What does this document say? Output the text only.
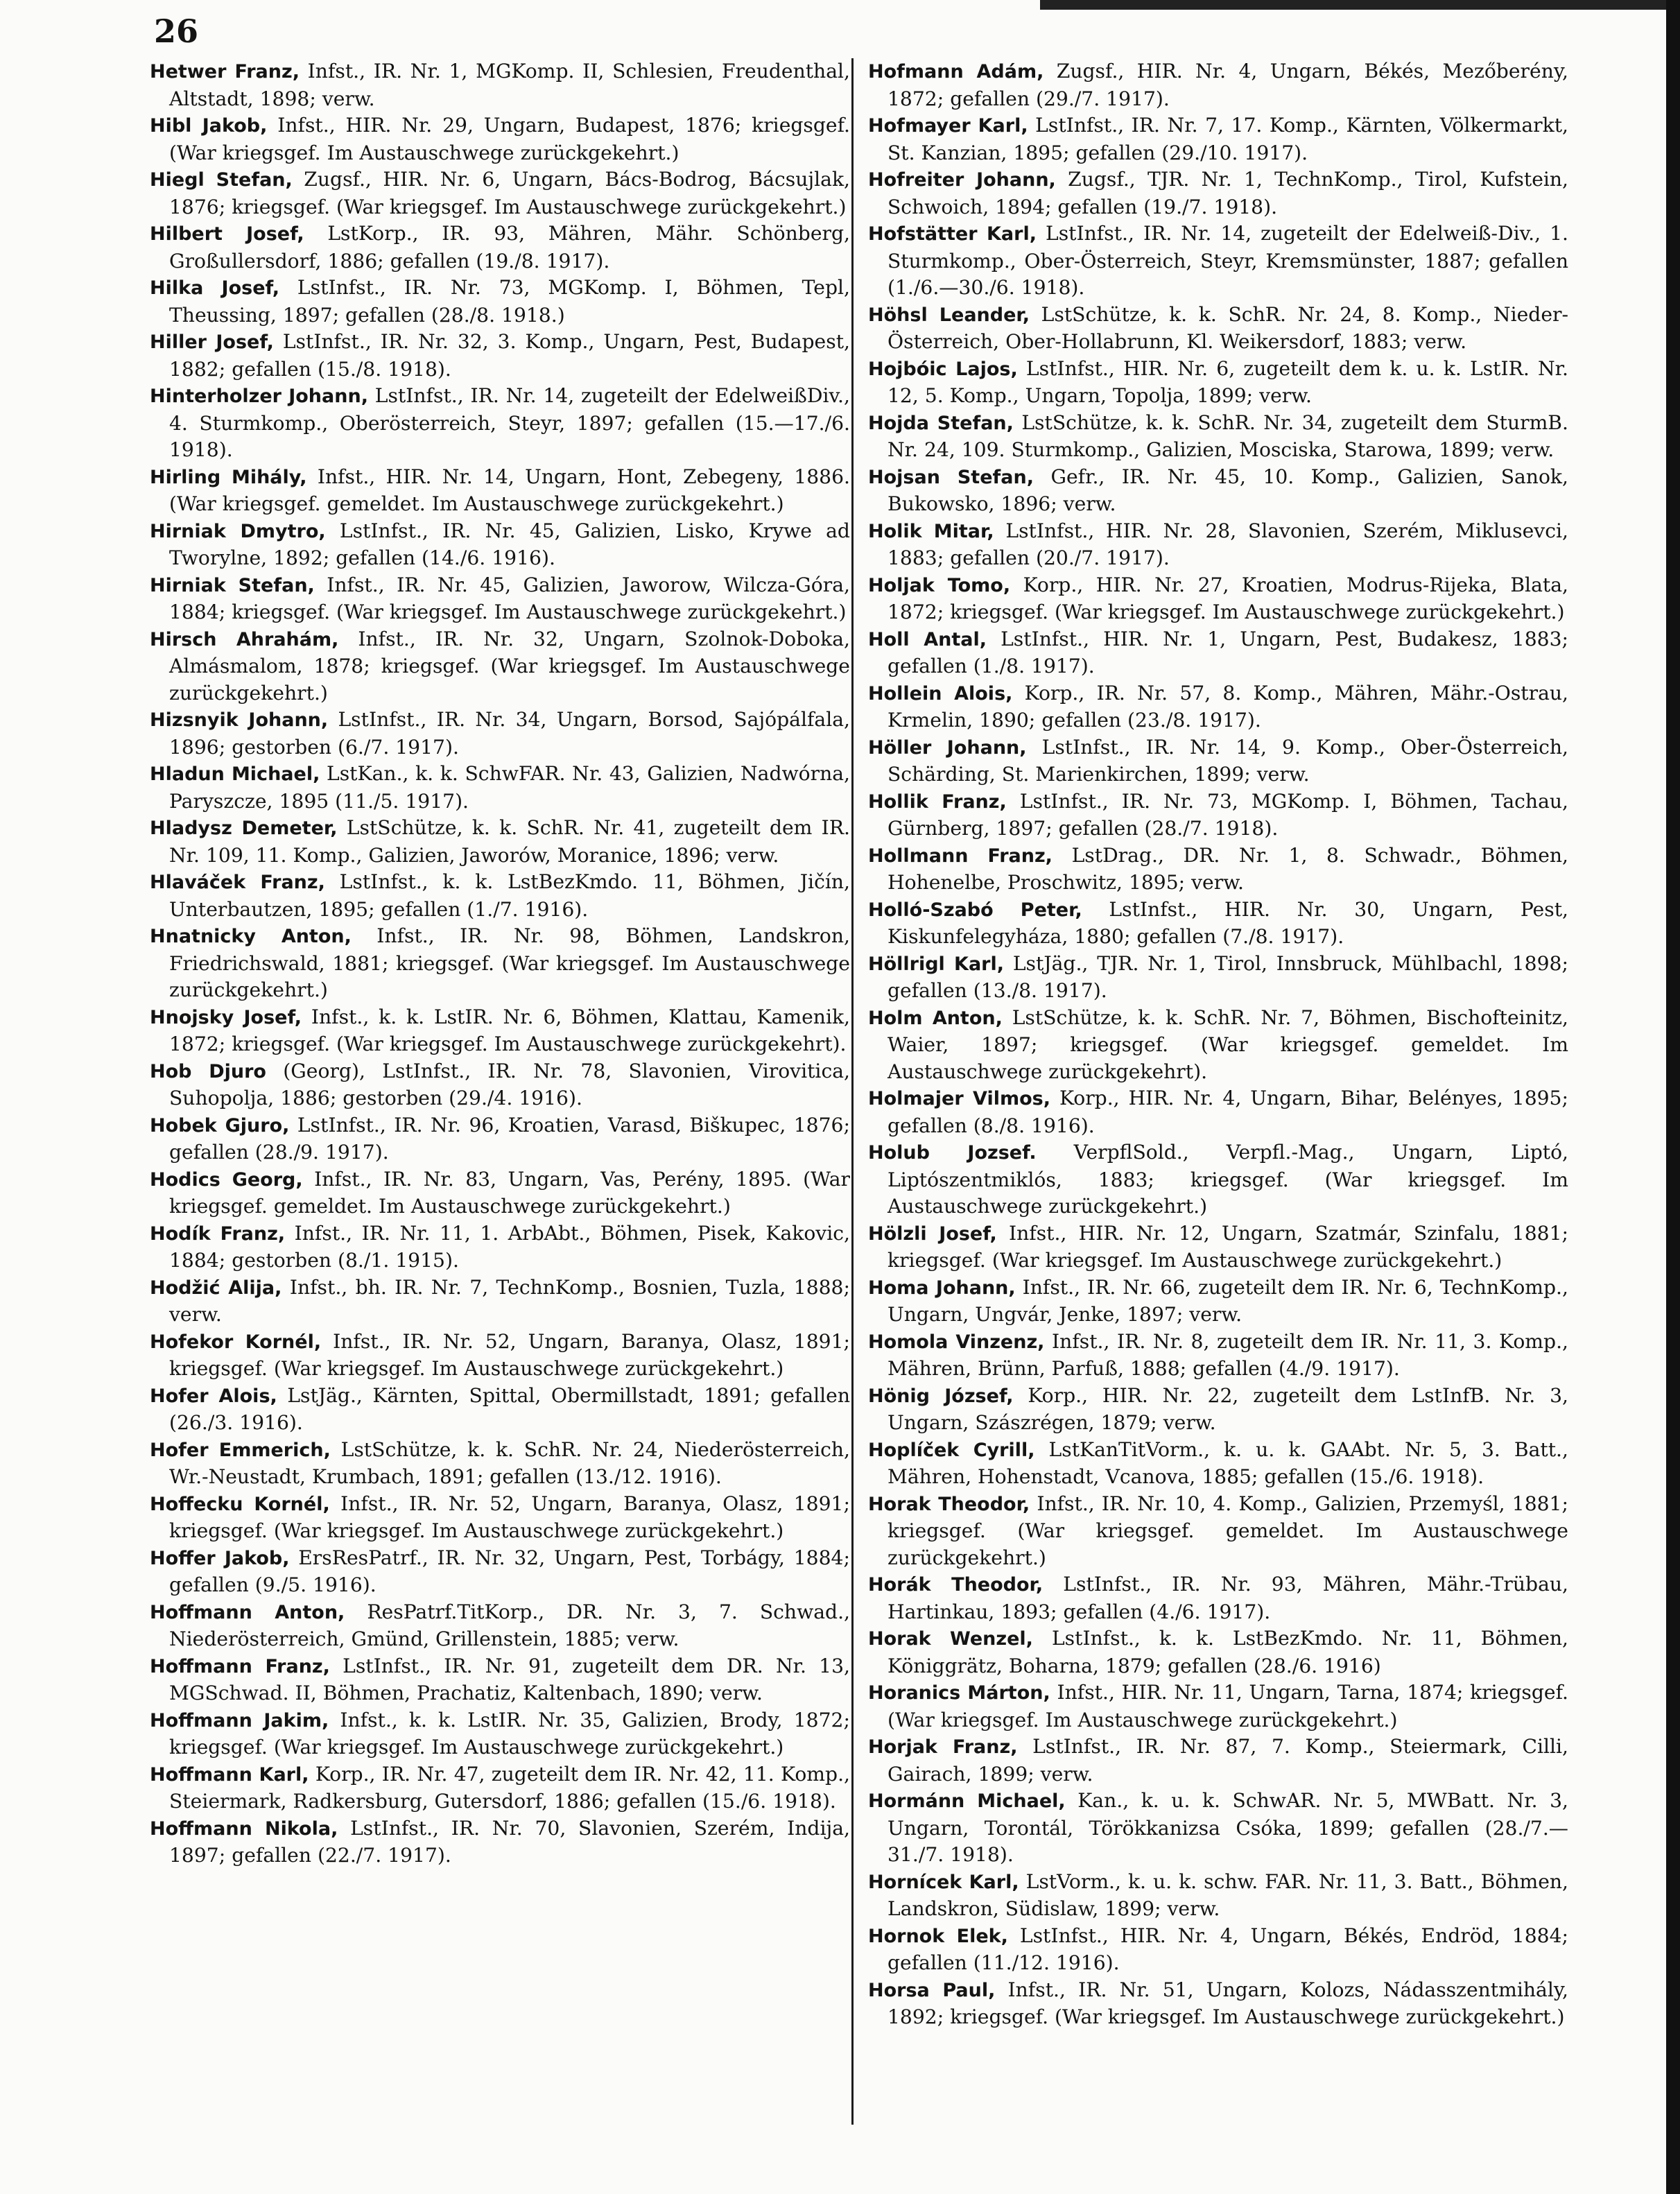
26

Hetwer Franz, Infst., IR. Nr. 1, MGKomp. II, Schlesien, Freudenthal, Altstadt, 1898; verw.

Hibl Jakob, Infst., HIR. Nr. 29, Ungarn, Budapest, 1876; kriegsgef. (War kriegsgef. Im Austauschwege zurückgekehrt.)

Hiegl Stefan, Zugsf., HIR. Nr. 6, Ungarn, Bács-Bodrog, Bácsujlak, 1876; kriegsgef. (War kriegsgef. Im Austauschwege zurückgekehrt.)

Hilbert Josef, LstKorp., IR. 93, Mähren, Mähr. Schönberg, Großullersdorf, 1886; gefallen (19./8. 1917).

Hilka Josef, LstInfst., IR. Nr. 73, MGKomp. I, Böhmen, Tepl, Theussing, 1897; gefallen (28./8. 1918.)

Hiller Josef, LstInfst., IR. Nr. 32, 3. Komp., Ungarn, Pest, Budapest, 1882; gefallen (15./8. 1918).

Hinterholzer Johann, LstInfst., IR. Nr. 14, zugeteilt der EdelweißDiv., 4. Sturmkomp., Oberösterreich, Steyr, 1897; gefallen (15.—17./6. 1918).

Hirling Mihály, Infst., HIR. Nr. 14, Ungarn, Hont, Zebegeny, 1886. (War kriegsgef. gemeldet. Im Austauschwege zurückgekehrt.)

Hirniak Dmytro, LstInfst., IR. Nr. 45, Galizien, Lisko, Krywe ad Tworylne, 1892; gefallen (14./6. 1916).

Hirniak Stefan, Infst., IR. Nr. 45, Galizien, Jaworow, Wilcza-Góra, 1884; kriegsgef. (War kriegsgef. Im Austauschwege zurückgekehrt.)

Hirsch Ahrahám, Infst., IR. Nr. 32, Ungarn, Szolnok-Doboka, Almásmalom, 1878; kriegsgef. (War kriegsgef. Im Austauschwege zurückgekehrt.)

Hizsnyik Johann, LstInfst., IR. Nr. 34, Ungarn, Borsod, Sajópálfala, 1896; gestorben (6./7. 1917).

Hladun Michael, LstKan., k. k. SchwFAR. Nr. 43, Galizien, Nadwórna, Paryszcze, 1895 (11./5. 1917).

Hladysz Demeter, LstSchütze, k. k. SchR. Nr. 41, zugeteilt dem IR. Nr. 109, 11. Komp., Galizien, Jaworów, Moranice, 1896; verw.

Hlaváček Franz, LstInfst., k. k. LstBezKmdo. 11, Böhmen, Jičín, Unterbautzen, 1895; gefallen (1./7. 1916).

Hnatnicky Anton, Infst., IR. Nr. 98, Böhmen, Landskron, Friedrichswald, 1881; kriegsgef. (War kriegsgef. Im Austauschwege zurückgekehrt.)

Hnojsky Josef, Infst., k. k. LstIR. Nr. 6, Böhmen, Klattau, Kamenik, 1872; kriegsgef. (War kriegsgef. Im Austauschwege zurückgekehrt).

Hob Djuro (Georg), LstInfst., IR. Nr. 78, Slavonien, Virovitica, Suhopolja, 1886; gestorben (29./4. 1916).

Hobek Gjuro, LstInfst., IR. Nr. 96, Kroatien, Varasd, Biškupec, 1876; gefallen (28./9. 1917).

Hodics Georg, Infst., IR. Nr. 83, Ungarn, Vas, Perény, 1895. (War kriegsgef. gemeldet. Im Austauschwege zurückgekehrt.)

Hodík Franz, Infst., IR. Nr. 11, 1. ArbAbt., Böhmen, Pisek, Kakovic, 1884; gestorben (8./1. 1915).

Hodžić Alija, Infst., bh. IR. Nr. 7, TechnKomp., Bosnien, Tuzla, 1888; verw.

Hofekor Kornél, Infst., IR. Nr. 52, Ungarn, Baranya, Olasz, 1891; kriegsgef. (War kriegsgef. Im Austauschwege zurückgekehrt.)

Hofer Alois, LstJäg., Kärnten, Spittal, Obermillstadt, 1891; gefallen (26./3. 1916).

Hofer Emmerich, LstSchütze, k. k. SchR. Nr. 24, Niederösterreich, Wr.-Neustadt, Krumbach, 1891; gefallen (13./12. 1916).

Hoffecku Kornél, Infst., IR. Nr. 52, Ungarn, Baranya, Olasz, 1891; kriegsgef. (War kriegsgef. Im Austauschwege zurückgekehrt.)

Hoffer Jakob, ErsResPatrf., IR. Nr. 32, Ungarn, Pest, Torbágy, 1884; gefallen (9./5. 1916).

Hoffmann Anton, ResPatrf.TitKorp., DR. Nr. 3, 7. Schwad., Niederösterreich, Gmünd, Grillenstein, 1885; verw.

Hoffmann Franz, LstInfst., IR. Nr. 91, zugeteilt dem DR. Nr. 13, MGSchwad. II, Böhmen, Prachatiz, Kaltenbach, 1890; verw.

Hoffmann Jakim, Infst., k. k. LstIR. Nr. 35, Galizien, Brody, 1872; kriegsgef. (War kriegsgef. Im Austauschwege zurückgekehrt.)

Hoffmann Karl, Korp., IR. Nr. 47, zugeteilt dem IR. Nr. 42, 11. Komp., Steiermark, Radkersburg, Gutersdorf, 1886; gefallen (15./6. 1918).

Hoffmann Nikola, LstInfst., IR. Nr. 70, Slavonien, Szerém, Indija, 1897; gefallen (22./7. 1917).

Hofmann Adám, Zugsf., HIR. Nr. 4, Ungarn, Békés, Mezőberény, 1872; gefallen (29./7. 1917).

Hofmayer Karl, LstInfst., IR. Nr. 7, 17. Komp., Kärnten, Völkermarkt, St. Kanzian, 1895; gefallen (29./10. 1917).

Hofreiter Johann, Zugsf., TJR. Nr. 1, TechnKomp., Tirol, Kufstein, Schwoich, 1894; gefallen (19./7. 1918).

Hofstätter Karl, LstInfst., IR. Nr. 14, zugeteilt der Edelweiß-Div., 1. Sturmkomp., Ober-Österreich, Steyr, Kremsmünster, 1887; gefallen (1./6.—30./6. 1918).

Höhsl Leander, LstSchütze, k. k. SchR. Nr. 24, 8. Komp., Nieder-Österreich, Ober-Hollabrunn, Kl. Weikersdorf, 1883; verw.

Hojbóic Lajos, LstInfst., HIR. Nr. 6, zugeteilt dem k. u. k. LstIR. Nr. 12, 5. Komp., Ungarn, Topolja, 1899; verw.

Hojda Stefan, LstSchütze, k. k. SchR. Nr. 34, zugeteilt dem SturmB. Nr. 24, 109. Sturmkomp., Galizien, Mosciska, Starowa, 1899; verw.

Hojsan Stefan, Gefr., IR. Nr. 45, 10. Komp., Galizien, Sanok, Bukowsko, 1896; verw.

Holik Mitar, LstInfst., HIR. Nr. 28, Slavonien, Szerém, Miklusevci, 1883; gefallen (20./7. 1917).

Holjak Tomo, Korp., HIR. Nr. 27, Kroatien, Modrus-Rijeka, Blata, 1872; kriegsgef. (War kriegsgef. Im Austauschwege zurückgekehrt.)

Holl Antal, LstInfst., HIR. Nr. 1, Ungarn, Pest, Budakesz, 1883; gefallen (1./8. 1917).

Hollein Alois, Korp., IR. Nr. 57, 8. Komp., Mähren, Mähr.-Ostrau, Krmelin, 1890; gefallen (23./8. 1917).

Höller Johann, LstInfst., IR. Nr. 14, 9. Komp., Ober-Österreich, Schärding, St. Marienkirchen, 1899; verw.

Hollik Franz, LstInfst., IR. Nr. 73, MGKomp. I, Böhmen, Tachau, Gürnberg, 1897; gefallen (28./7. 1918).

Hollmann Franz, LstDrag., DR. Nr. 1, 8. Schwadr., Böhmen, Hohenelbe, Proschwitz, 1895; verw.

Holló-Szabó Peter, LstInfst., HIR. Nr. 30, Ungarn, Pest, Kiskunfelegyháza, 1880; gefallen (7./8. 1917).

Höllrigl Karl, LstJäg., TJR. Nr. 1, Tirol, Innsbruck, Mühlbachl, 1898; gefallen (13./8. 1917).

Holm Anton, LstSchütze, k. k. SchR. Nr. 7, Böhmen, Bischofteinitz, Waier, 1897; kriegsgef. (War kriegsgef. gemeldet. Im Austauschwege zurückgekehrt).

Holmajer Vilmos, Korp., HIR. Nr. 4, Ungarn, Bihar, Belényes, 1895; gefallen (8./8. 1916).

Holub Jozsef. VerpflSold., Verpfl.-Mag., Ungarn, Liptó, Liptószentmiklós, 1883; kriegsgef. (War kriegsgef. Im Austauschwege zurückgekehrt.)

Hölzli Josef, Infst., HIR. Nr. 12, Ungarn, Szatmár, Szinfalu, 1881; kriegsgef. (War kriegsgef. Im Austauschwege zurückgekehrt.)

Homa Johann, Infst., IR. Nr. 66, zugeteilt dem IR. Nr. 6, TechnKomp., Ungarn, Ungvár, Jenke, 1897; verw.

Homola Vinzenz, Infst., IR. Nr. 8, zugeteilt dem IR. Nr. 11, 3. Komp., Mähren, Brünn, Parfuß, 1888; gefallen (4./9. 1917).

Hönig József, Korp., HIR. Nr. 22, zugeteilt dem LstInfB. Nr. 3, Ungarn, Szászrégen, 1879; verw.

Hoplíček Cyrill, LstKanTitVorm., k. u. k. GAAbt. Nr. 5, 3. Batt., Mähren, Hohenstadt, Vcanova, 1885; gefallen (15./6. 1918).

Horak Theodor, Infst., IR. Nr. 10, 4. Komp., Galizien, Przemyśl, 1881; kriegsgef. (War kriegsgef. gemeldet. Im Austauschwege zurückgekehrt.)

Horák Theodor, LstInfst., IR. Nr. 93, Mähren, Mähr.-Trübau, Hartinkau, 1893; gefallen (4./6. 1917).

Horak Wenzel, LstInfst., k. k. LstBezKmdo. Nr. 11, Böhmen, Königgrätz, Boharna, 1879; gefallen (28./6. 1916)

Horanics Márton, Infst., HIR. Nr. 11, Ungarn, Tarna, 1874; kriegsgef. (War kriegsgef. Im Austauschwege zurückgekehrt.)

Horjak Franz, LstInfst., IR. Nr. 87, 7. Komp., Steiermark, Cilli, Gairach, 1899; verw.

Hormánn Michael, Kan., k. u. k. SchwAR. Nr. 5, MWBatt. Nr. 3, Ungarn, Torontál, Törökkanizsa Csóka, 1899; gefallen (28./7.—31./7. 1918).

Hornícek Karl, LstVorm., k. u. k. schw. FAR. Nr. 11, 3. Batt., Böhmen, Landskron, Südislaw, 1899; verw.

Hornok Elek, LstInfst., HIR. Nr. 4, Ungarn, Békés, Endröd, 1884; gefallen (11./12. 1916).

Horsa Paul, Infst., IR. Nr. 51, Ungarn, Kolozs, Nádasszentmihály, 1892; kriegsgef. (War kriegsgef. Im Austauschwege zurückgekehrt.)
